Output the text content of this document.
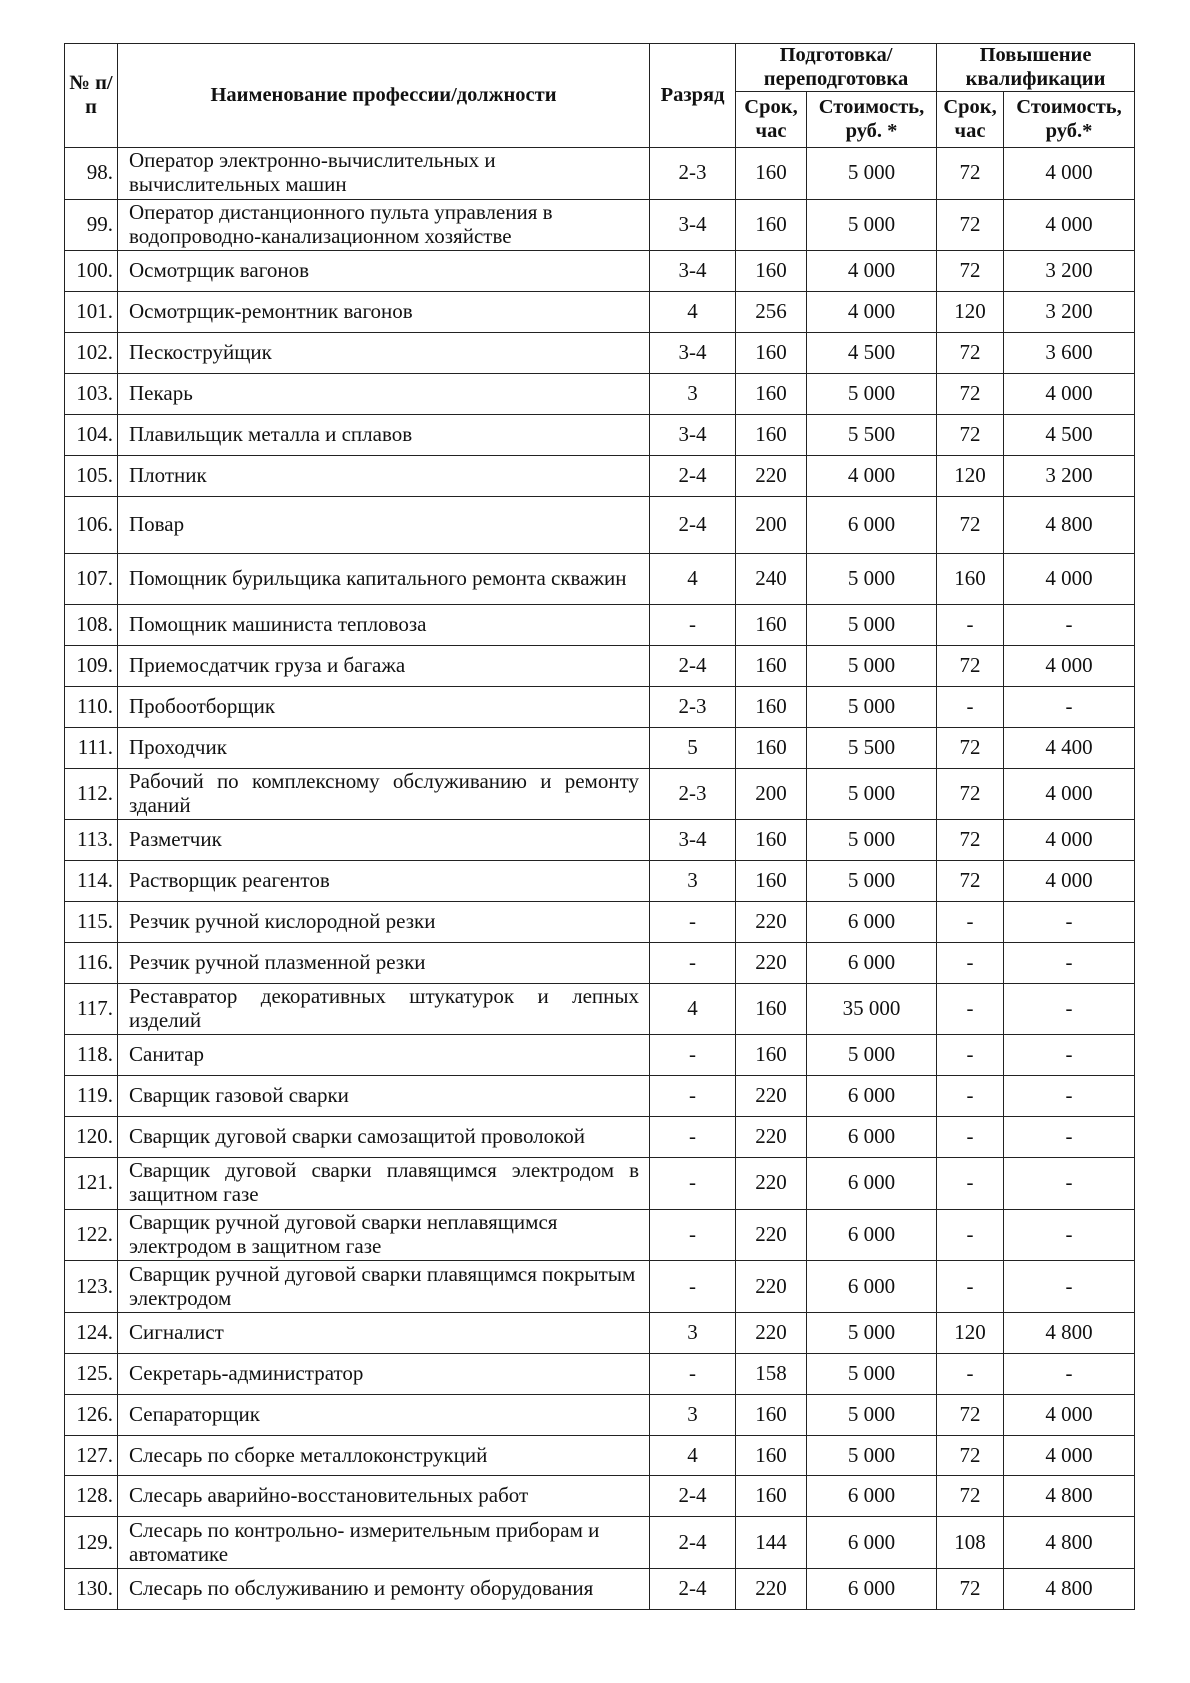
№ п/п	Наименование профессии/должности	Разряд	Подготовка/ переподготовка		Повышение квалификации	
			Срок, час	Стоимость, руб. *	Срок, час	Стоимость, руб.*
98.	Оператор электронно-вычислительных и вычислительных машин	2-3	160	5 000	72	4 000
99.	Оператор дистанционного пульта управления в водопроводно-канализационном хозяйстве	3-4	160	5 000	72	4 000
100.	Осмотрщик вагонов	3-4	160	4 000	72	3 200
101.	Осмотрщик-ремонтник вагонов	4	256	4 000	120	3 200
102.	Пескоструйщик	3-4	160	4 500	72	3 600
103.	Пекарь	3	160	5 000	72	4 000
104.	Плавильщик металла и сплавов	3-4	160	5 500	72	4 500
105.	Плотник	2-4	220	4 000	120	3 200
106.	Повар	2-4	200	6 000	72	4 800
107.	Помощник бурильщика капитального ремонта скважин	4	240	5 000	160	4 000
108.	Помощник машиниста тепловоза	-	160	5 000	-	-
109.	Приемосдатчик груза и багажа	2-4	160	5 000	72	4 000
110.	Пробоотборщик	2-3	160	5 000	-	-
111.	Проходчик	5	160	5 500	72	4 400
112.	Рабочий по комплексному обслуживанию и ремонту зданий	2-3	200	5 000	72	4 000
113.	Разметчик	3-4	160	5 000	72	4 000
114.	Растворщик реагентов	3	160	5 000	72	4 000
115.	Резчик ручной кислородной резки	-	220	6 000	-	-
116.	Резчик ручной плазменной резки	-	220	6 000	-	-
117.	Реставратор декоративных штукатурок и лепных изделий	4	160	35 000	-	-
118.	Санитар	-	160	5 000	-	-
119.	Сварщик газовой сварки	-	220	6 000	-	-
120.	Сварщик дуговой сварки самозащитой проволокой	-	220	6 000	-	-
121.	Сварщик дуговой сварки плавящимся электродом в защитном газе	-	220	6 000	-	-
122.	Сварщик ручной дуговой сварки неплавящимся электродом в защитном газе	-	220	6 000	-	-
123.	Сварщик ручной дуговой сварки плавящимся покрытым электродом	-	220	6 000	-	-
124.	Сигналист	3	220	5 000	120	4 800
125.	Секретарь-администратор	-	158	5 000	-	-
126.	Сепараторщик	3	160	5 000	72	4 000
127.	Слесарь по сборке металлоконструкций	4	160	5 000	72	4 000
128.	Слесарь аварийно-восстановительных работ	2-4	160	6 000	72	4 800
129.	Слесарь по контрольно- измерительным приборам и автоматике	2-4	144	6 000	108	4 800
130.	Слесарь по обслуживанию и ремонту оборудования	2-4	220	6 000	72	4 800
